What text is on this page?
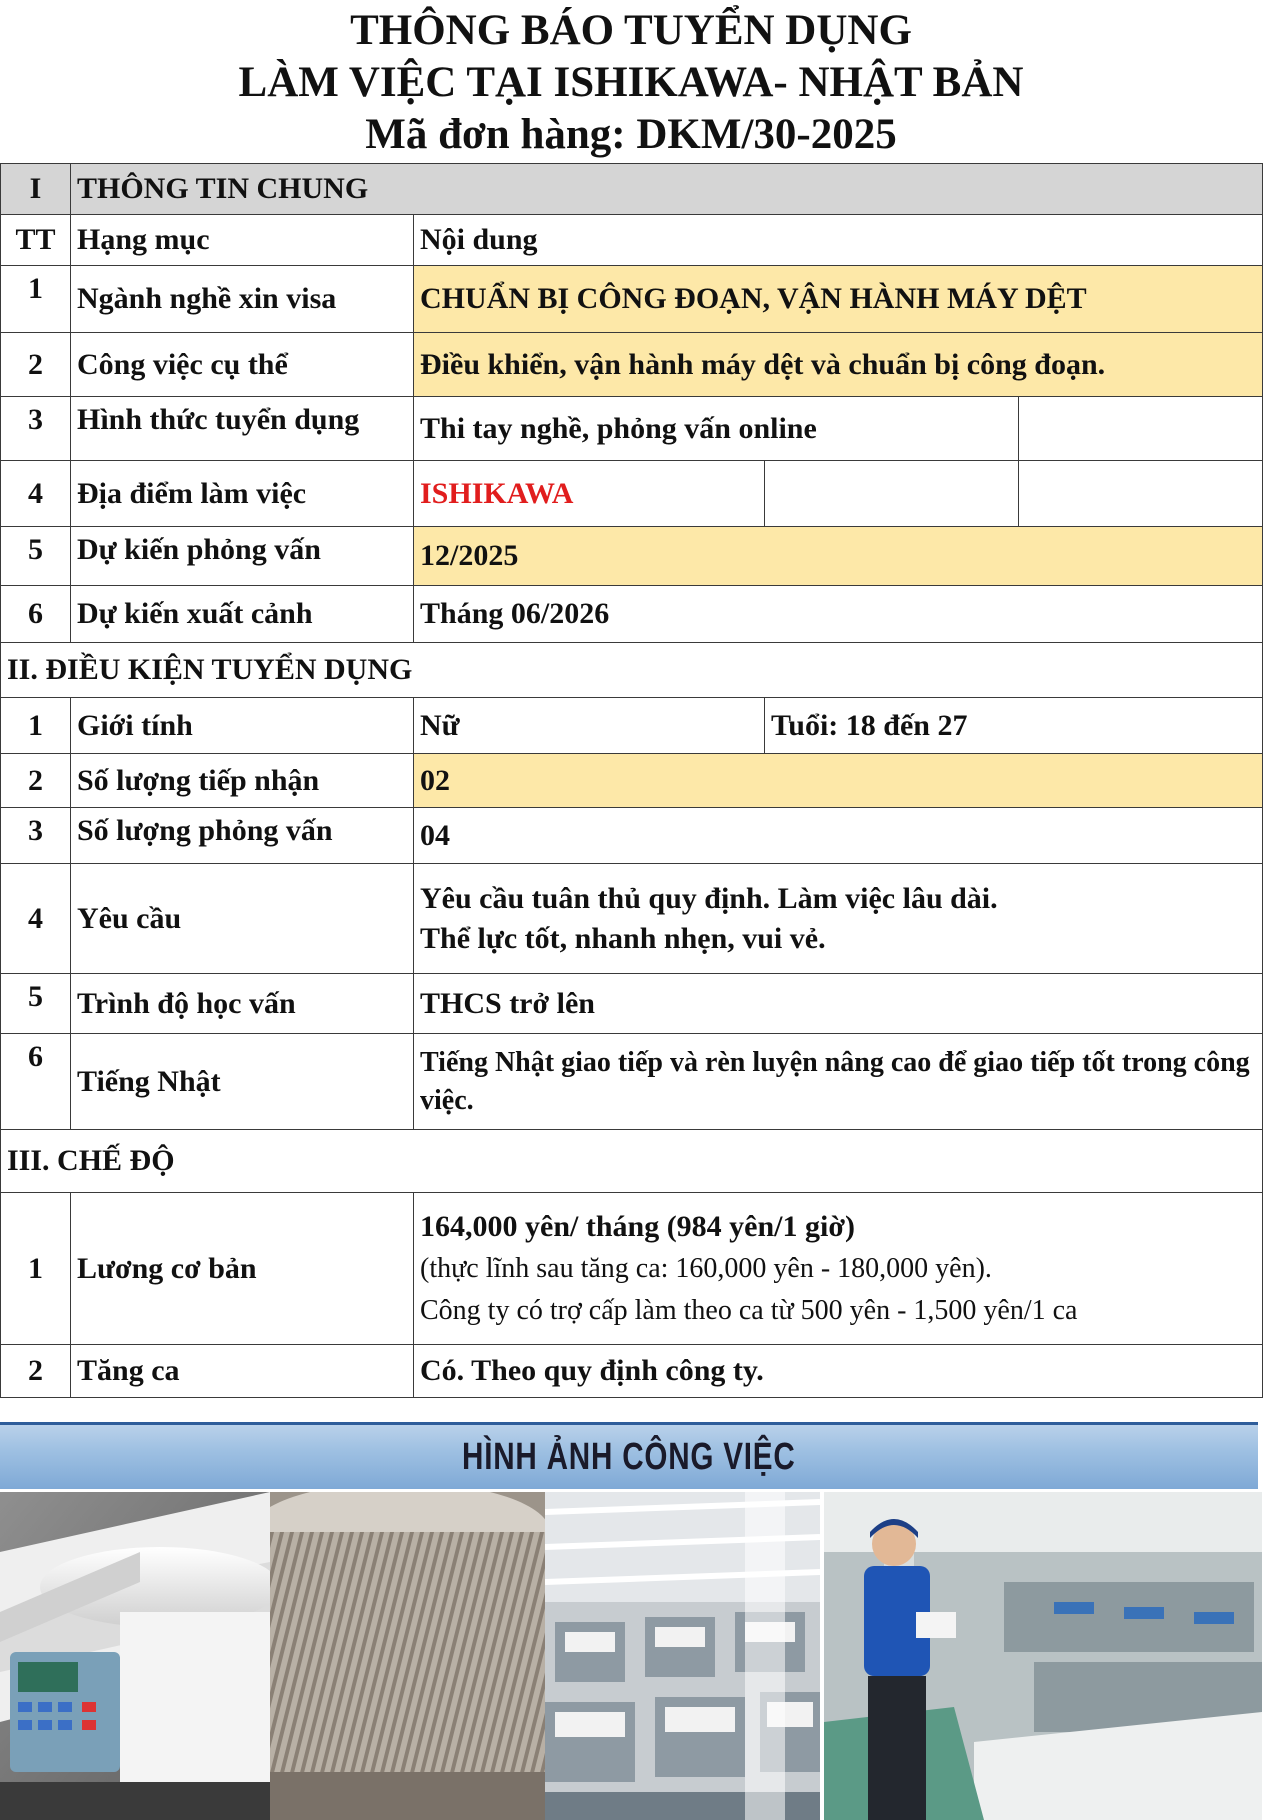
THÔNG BÁO TUYỂN DỤNG
LÀM VIỆC TẠI ISHIKAWA- NHẬT BẢN
Mã đơn hàng: DKM/30-2025
I	THÔNG TIN CHUNG			
TT	Hạng mục	Nội dung		
1	Ngành nghề xin visa	CHUẨN BỊ CÔNG ĐOẠN, VẬN HÀNH MÁY DỆT		
2	Công việc cụ thể	Điều khiển, vận hành máy dệt và chuẩn bị công đoạn.		
3	Hình thức tuyển dụng	Thi tay nghề, phỏng vấn online		
4	Địa điểm làm việc	ISHIKAWA		
5	Dự kiến phỏng vấn	12/2025		
6	Dự kiến xuất cảnh	Tháng 06/2026		
II. ĐIỀU KIỆN TUYỂN DỤNG				
1	Giới tính	Nữ	Tuổi: 18 đến 27	
2	Số lượng tiếp nhận	02		
3	Số lượng phỏng vấn	04		
4	Yêu cầu	Yêu cầu tuân thủ quy định. Làm việc lâu dài.
Thể lực tốt, nhanh nhẹn, vui vẻ.		

5	Trình độ học vấn	THCS trở lên		
6	Tiếng Nhật	Tiếng Nhật giao tiếp và rèn luyện nâng cao để giao tiếp tốt trong công việc.		
III. CHẾ ĐỘ				
1	Lương cơ bản	164,000 yên/ tháng (984 yên/1 giờ)
(thực lĩnh sau tăng ca: 160,000 yên - 180,000 yên).
Công ty có trợ cấp làm theo ca từ 500 yên - 1,500 yên/1 ca		

2	Tăng ca	Có. Theo quy định công ty.		
HÌNH ẢNH CÔNG VIỆC
